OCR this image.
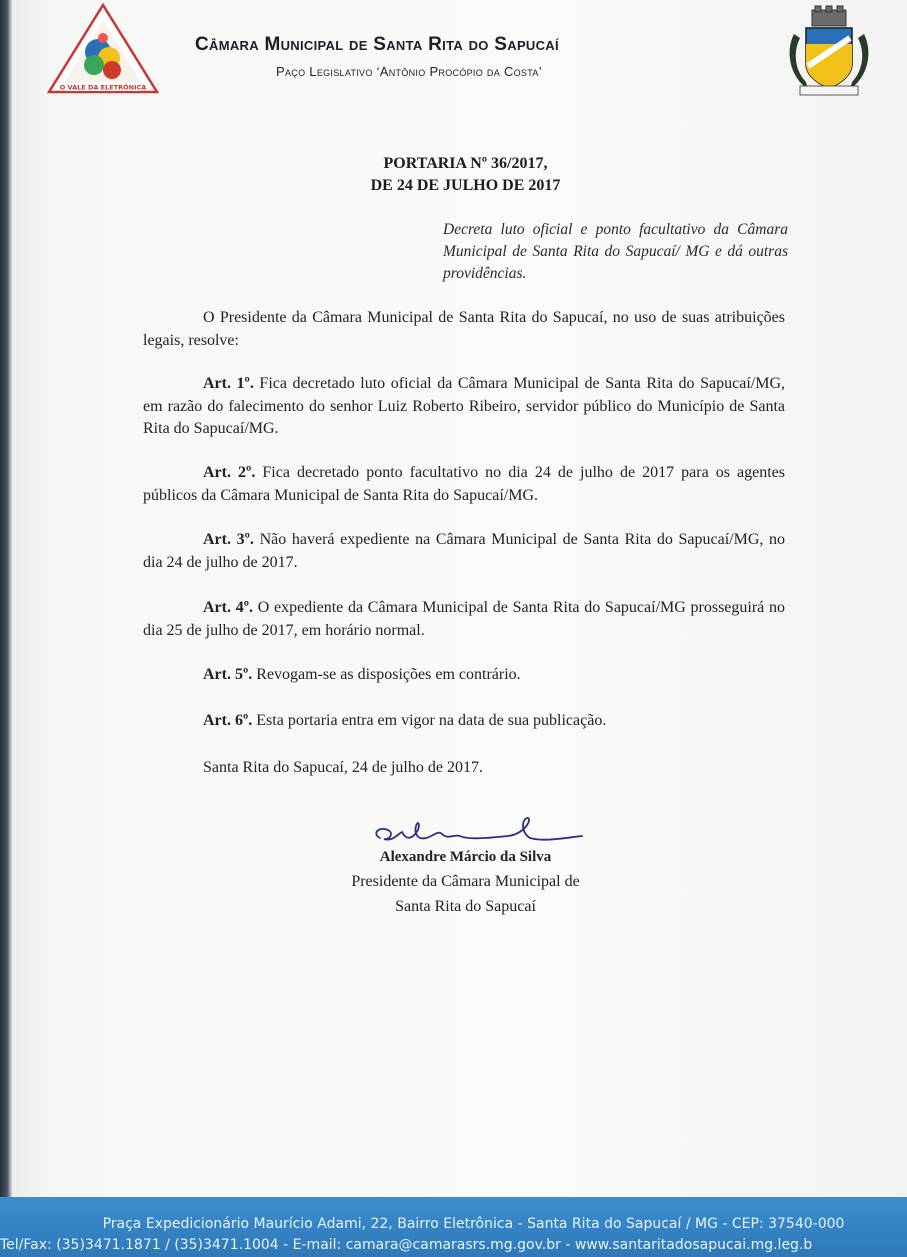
O VALE DA ELETRÔNICA
Câmara Municipal de Santa Rita do Sapucaí
Paço Legislativo ‘Antônio Procópio da Costa’
PORTARIA Nº 36/2017,
DE 24 DE JULHO DE 2017
Decreta luto oficial e ponto facultativo da Câmara Municipal de Santa Rita do Sapucaí/ MG e dá outras providências.
O Presidente da Câmara Municipal de Santa Rita do Sapucaí, no uso de suas atribuições legais, resolve:
Art. 1º. Fica decretado luto oficial da Câmara Municipal de Santa Rita do Sapucaí/MG, em razão do falecimento do senhor Luiz Roberto Ribeiro, servidor público do Município de Santa Rita do Sapucaí/MG.
Art. 2º. Fica decretado ponto facultativo no dia 24 de julho de 2017 para os agentes públicos da Câmara Municipal de Santa Rita do Sapucaí/MG.
Art. 3º. Não haverá expediente na Câmara Municipal de Santa Rita do Sapucaí/MG, no dia 24 de julho de 2017.
Art. 4º. O expediente da Câmara Municipal de Santa Rita do Sapucaí/MG prosseguirá no dia 25 de julho de 2017, em horário normal.
Art. 5º. Revogam-se as disposições em contrário.
Art. 6º. Esta portaria entra em vigor na data de sua publicação.
Santa Rita do Sapucaí, 24 de julho de 2017.
Alexandre Márcio da Silva
Presidente da Câmara Municipal de
Santa Rita do Sapucaí
Praça Expedicionário Maurício Adami, 22, Bairro Eletrônica - Santa Rita do Sapucaí / MG - CEP: 37540-000
Tel/Fax: (35)3471.1871 / (35)3471.1004 - E-mail: camara@camarasrs.mg.gov.br - www.santaritadosapucai.mg.leg.b
